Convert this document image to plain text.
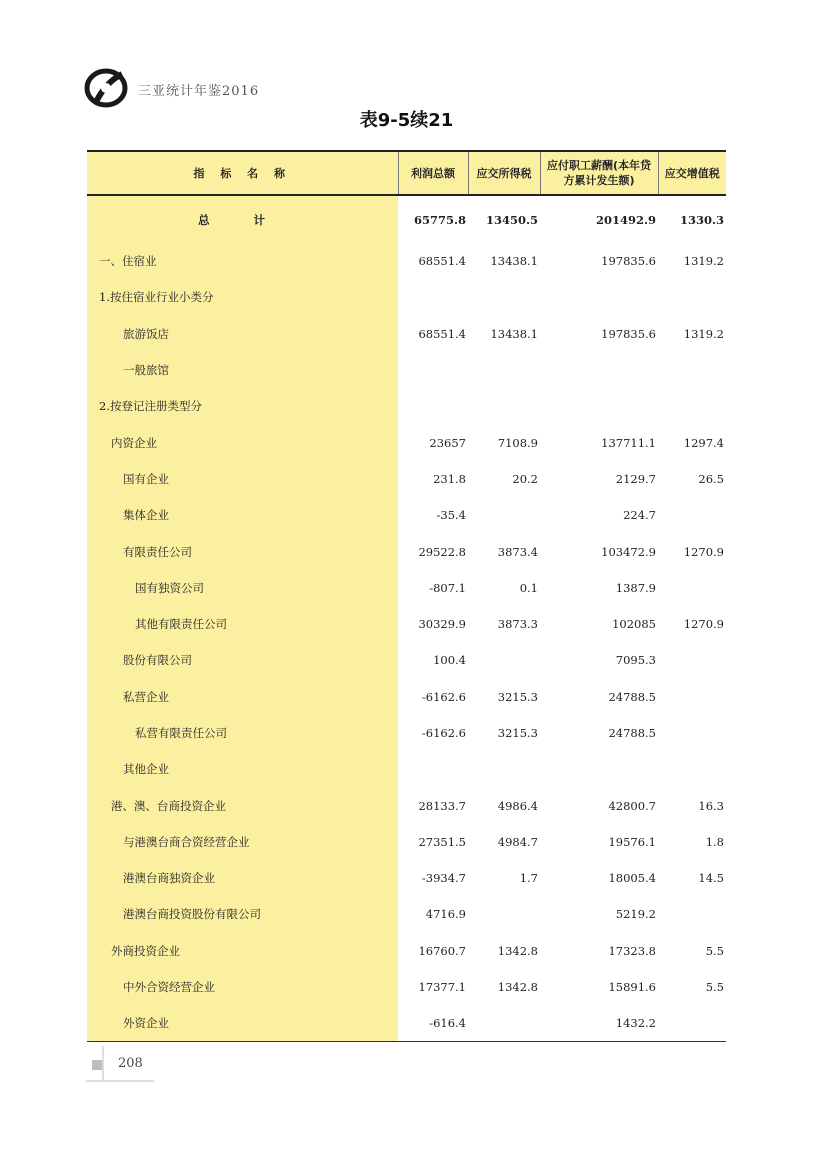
三亚统计年鉴2016
表9-5续21
指 标 名 称	利润总额	应交所得税	应付职工薪酬(本年贷方累计发生额)	应交增值税
总 计	65775.8	13450.5	201492.9	1330.3
一、住宿业	68551.4	13438.1	197835.6	1319.2
1.按住宿业行业小类分				
旅游饭店	68551.4	13438.1	197835.6	1319.2
一般旅馆				
2.按登记注册类型分				
内资企业	23657	7108.9	137711.1	1297.4
国有企业	231.8	20.2	2129.7	26.5
集体企业	-35.4		224.7	
有限责任公司	29522.8	3873.4	103472.9	1270.9
国有独资公司	-807.1	0.1	1387.9	
其他有限责任公司	30329.9	3873.3	102085	1270.9
股份有限公司	100.4		7095.3	
私营企业	-6162.6	3215.3	24788.5	
私营有限责任公司	-6162.6	3215.3	24788.5	
其他企业				
港、澳、台商投资企业	28133.7	4986.4	42800.7	16.3
与港澳台商合资经营企业	27351.5	4984.7	19576.1	1.8
港澳台商独资企业	-3934.7	1.7	18005.4	14.5
港澳台商投资股份有限公司	4716.9		5219.2	
外商投资企业	16760.7	1342.8	17323.8	5.5
中外合资经营企业	17377.1	1342.8	15891.6	5.5
外资企业	-616.4		1432.2	
208
